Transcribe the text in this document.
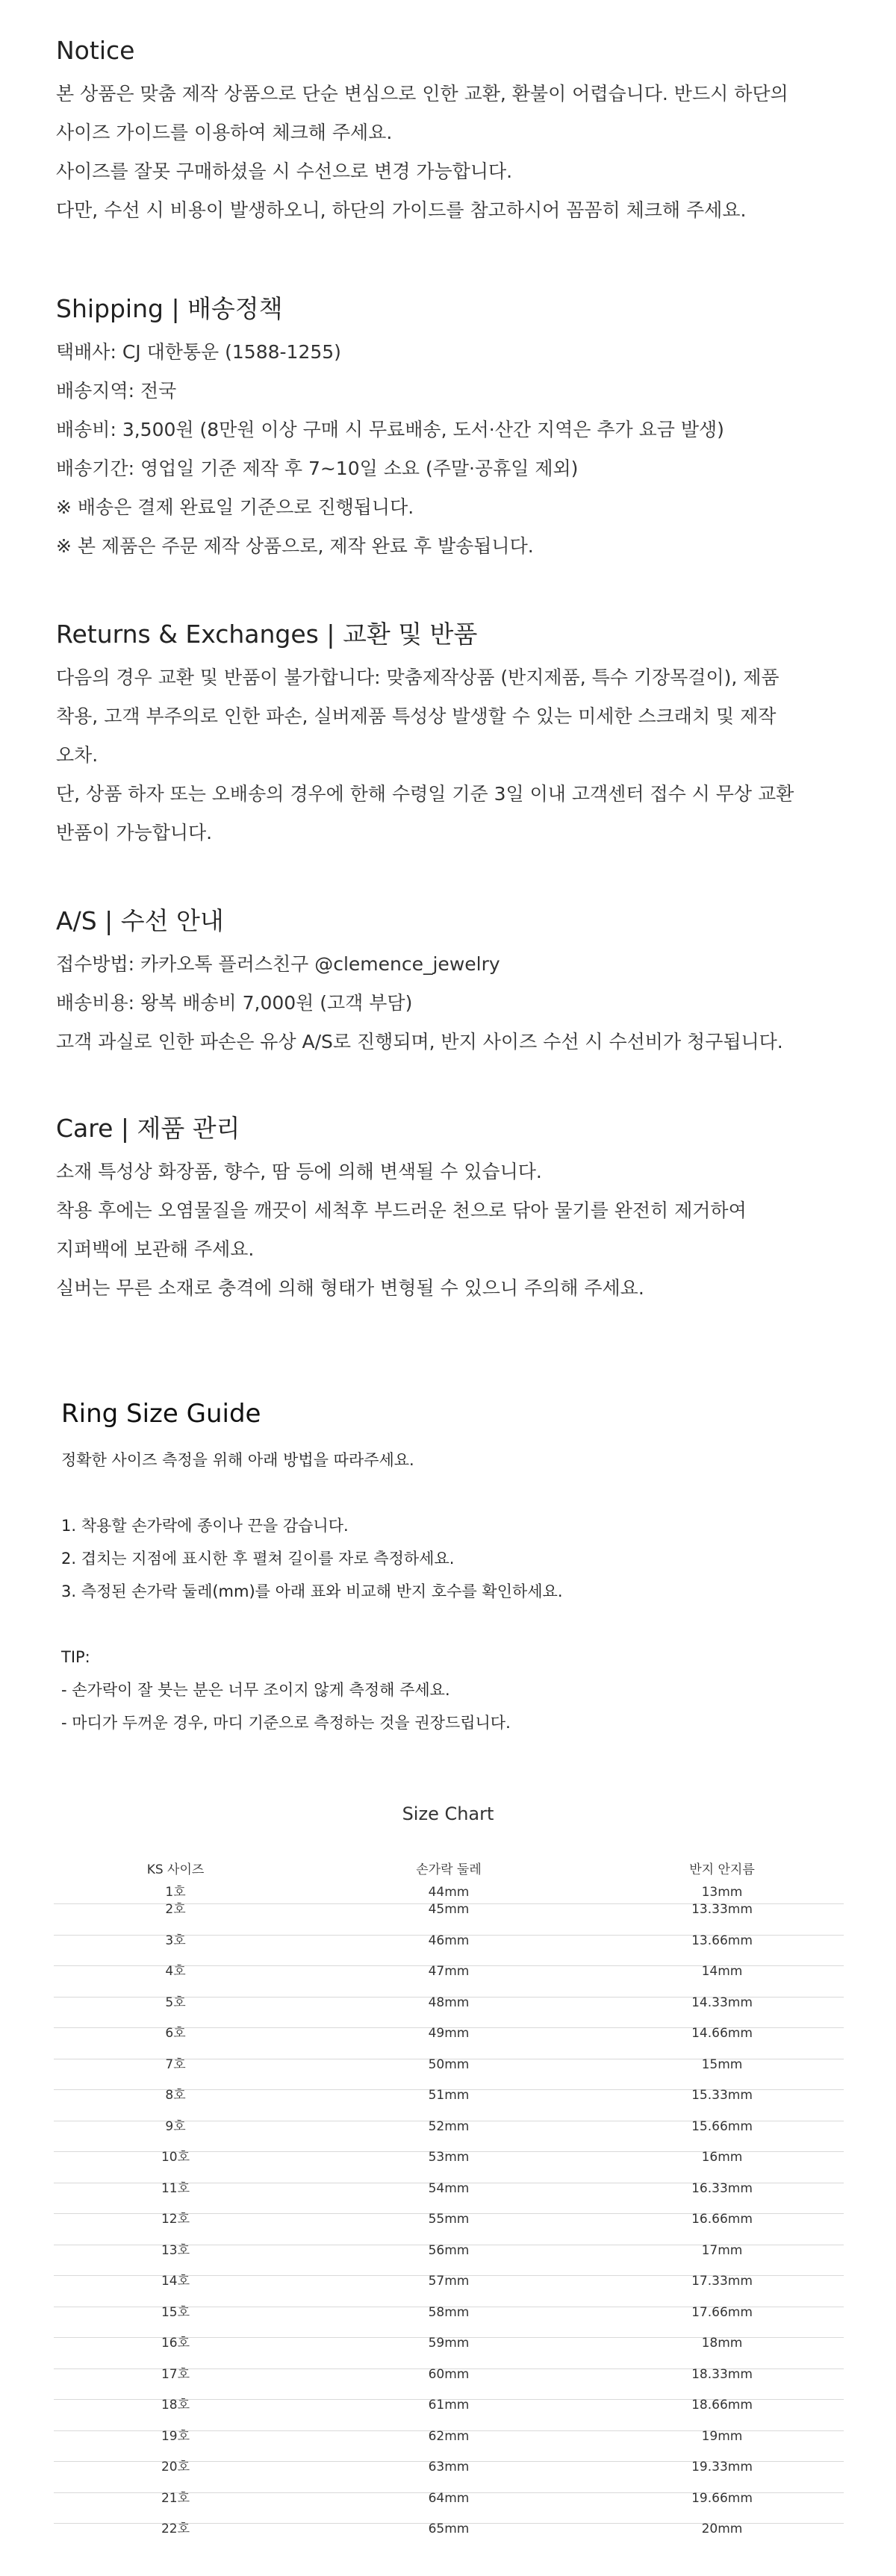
Notice
본 상품은 맞춤 제작 상품으로 단순 변심으로 인한 교환, 환불이 어렵습니다. 반드시 하단의
사이즈 가이드를 이용하여 체크해 주세요.
사이즈를 잘못 구매하셨을 시 수선으로 변경 가능합니다.
다만, 수선 시 비용이 발생하오니, 하단의 가이드를 참고하시어 꼼꼼히 체크해 주세요.
Shipping | 배송정책
택배사: CJ 대한통운 (1588-1255)
배송지역: 전국
배송비: 3,500원 (8만원 이상 구매 시 무료배송, 도서·산간 지역은 추가 요금 발생)
배송기간: 영업일 기준 제작 후 7~10일 소요 (주말·공휴일 제외)
※ 배송은 결제 완료일 기준으로 진행됩니다.
※ 본 제품은 주문 제작 상품으로, 제작 완료 후 발송됩니다.
Returns & Exchanges | 교환 및 반품
다음의 경우 교환 및 반품이 불가합니다: 맞춤제작상품 (반지제품, 특수 기장목걸이), 제품
착용, 고객 부주의로 인한 파손, 실버제품 특성상 발생할 수 있는 미세한 스크래치 및 제작
오차.
단, 상품 하자 또는 오배송의 경우에 한해 수령일 기준 3일 이내 고객센터 접수 시 무상 교환
반품이 가능합니다.
A/S | 수선 안내
접수방법: 카카오톡 플러스친구 @clemence_jewelry
배송비용: 왕복 배송비 7,000원 (고객 부담)
고객 과실로 인한 파손은 유상 A/S로 진행되며, 반지 사이즈 수선 시 수선비가 청구됩니다.
Care | 제품 관리
소재 특성상 화장품, 향수, 땀 등에 의해 변색될 수 있습니다.
착용 후에는 오염물질을 깨끗이 세척후 부드러운 천으로 닦아 물기를 완전히 제거하여
지퍼백에 보관해 주세요.
실버는 무른 소재로 충격에 의해 형태가 변형될 수 있으니 주의해 주세요.
Ring Size Guide
정확한 사이즈 측정을 위해 아래 방법을 따라주세요.
1. 착용할 손가락에 종이나 끈을 감습니다.
2. 겹치는 지점에 표시한 후 펼쳐 길이를 자로 측정하세요.
3. 측정된 손가락 둘레(mm)를 아래 표와 비교해 반지 호수를 확인하세요.
TIP:
- 손가락이 잘 붓는 분은 너무 조이지 않게 측정해 주세요.
- 마디가 두꺼운 경우, 마디 기준으로 측정하는 것을 권장드립니다.
Size Chart
KS 사이즈	손가락 둘레	반지 안지름
1호	44mm	13mm
2호	45mm	13.33mm
3호	46mm	13.66mm
4호	47mm	14mm
5호	48mm	14.33mm
6호	49mm	14.66mm
7호	50mm	15mm
8호	51mm	15.33mm
9호	52mm	15.66mm
10호	53mm	16mm
11호	54mm	16.33mm
12호	55mm	16.66mm
13호	56mm	17mm
14호	57mm	17.33mm
15호	58mm	17.66mm
16호	59mm	18mm
17호	60mm	18.33mm
18호	61mm	18.66mm
19호	62mm	19mm
20호	63mm	19.33mm
21호	64mm	19.66mm
22호	65mm	20mm
